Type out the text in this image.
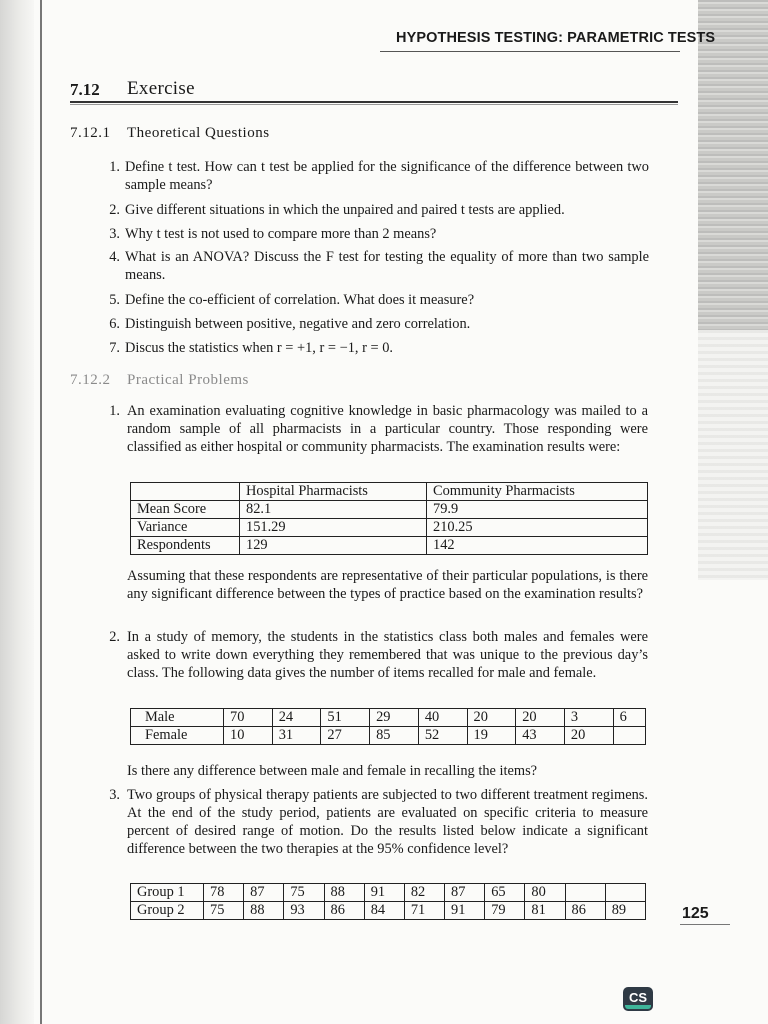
HYPOTHESIS TESTING: PARAMETRIC TESTS
7.12 Exercise
7.12.1 Theoretical Questions
1. Define t test. How can t test be applied for the significance of the difference between two sample means?
2. Give different situations in which the unpaired and paired t tests are applied.
3. Why t test is not used to compare more than 2 means?
4. What is an ANOVA? Discuss the F test for testing the equality of more than two sample means.
5. Define the co-efficient of correlation. What does it measure?
6. Distinguish between positive, negative and zero correlation.
7. Discus the statistics when r = +1, r = −1, r = 0.
7.12.2 Practical Problems
1. An examination evaluating cognitive knowledge in basic pharmacology was mailed to a random sample of all pharmacists in a particular country. Those responding were classified as either hospital or community pharmacists. The examination results were:
	Hospital Pharmacists	Community Pharmacists
Mean Score	82.1	79.9
Variance	151.29	210.25
Respondents	129	142
Assuming that these respondents are representative of their particular populations, is there any significant difference between the types of practice based on the examination results?
2. In a study of memory, the students in the statistics class both males and females were asked to write down everything they remembered that was unique to the previous day’s class. The following data gives the number of items recalled for male and female.
Male	70	24	51	29	40	20	20	3	6
Female	10	31	27	85	52	19	43	20	
Is there any difference between male and female in recalling the items?
3. Two groups of physical therapy patients are subjected to two different treatment regimens. At the end of the study period, patients are evaluated on specific criteria to measure percent of desired range of motion. Do the results listed below indicate a significant difference between the two therapies at the 95% confidence level?
Group 1	78	87	75	88	91	82	87	65	80		
Group 2	75	88	93	86	84	71	91	79	81	86	89	125
CS
